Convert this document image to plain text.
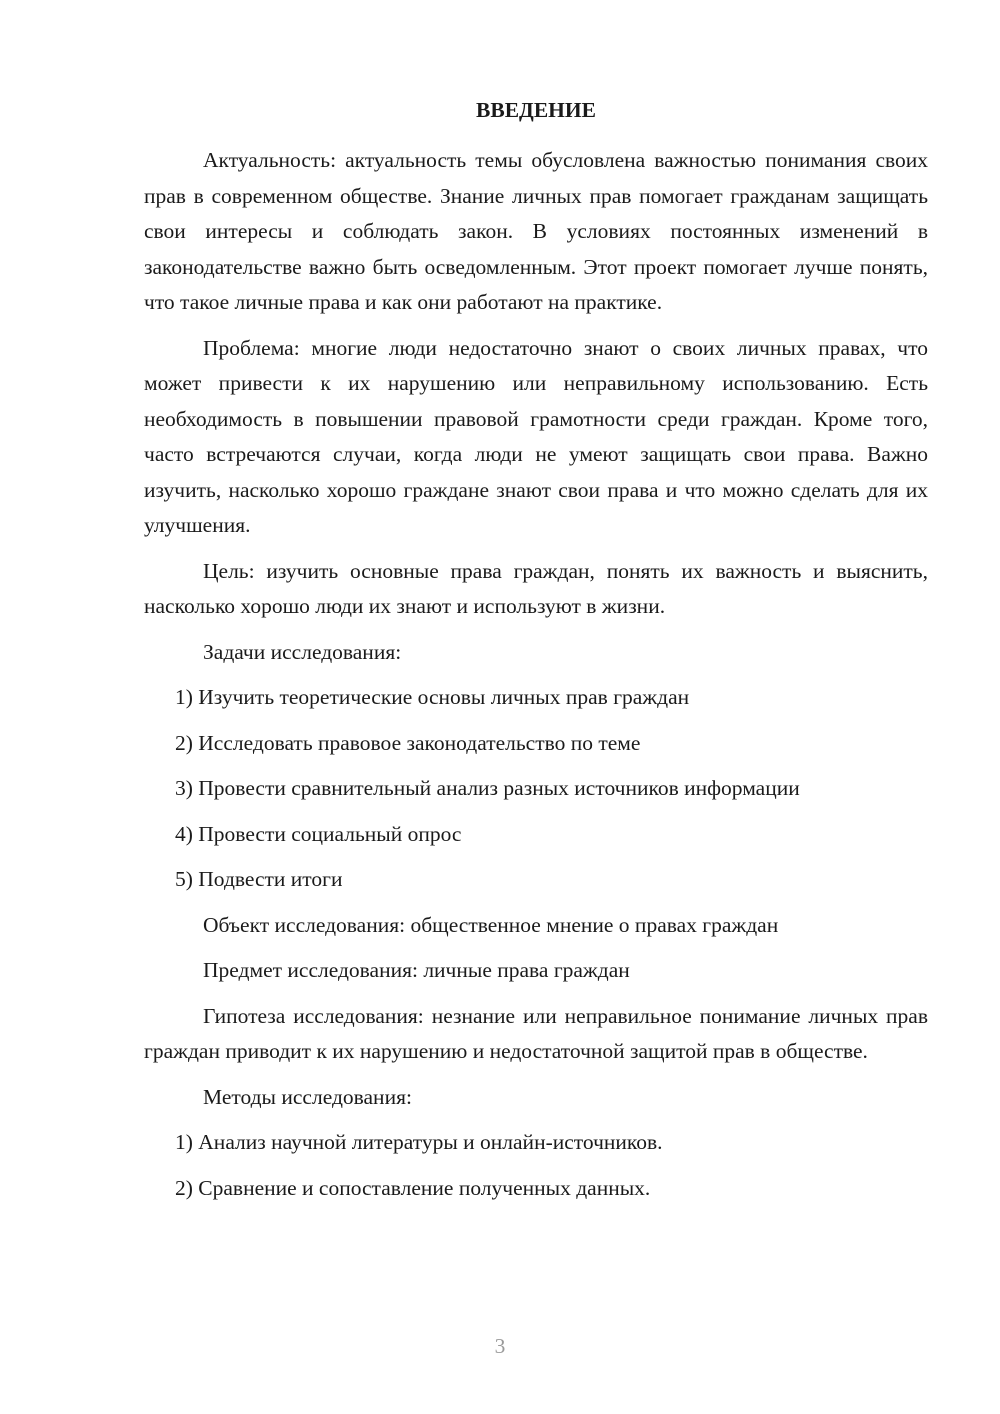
ВВЕДЕНИЕ

Актуальность: актуальность темы обусловлена важностью понимания своих прав в современном обществе. Знание личных прав помогает гражданам защищать свои интересы и соблюдать закон. В условиях постоянных изменений в законодательстве важно быть осведомленным. Этот проект помогает лучше понять, что такое личные права и как они работают на практике.

Проблема: многие люди недостаточно знают о своих личных правах, что может привести к их нарушению или неправильному использованию. Есть необходимость в повышении правовой грамотности среди граждан. Кроме того, часто встречаются случаи, когда люди не умеют защищать свои права. Важно изучить, насколько хорошо граждане знают свои права и что можно сделать для их улучшения.

Цель: изучить основные права граждан, понять их важность и выяснить, насколько хорошо люди их знают и используют в жизни.

Задачи исследования:
1) Изучить теоретические основы личных прав граждан
2) Исследовать правовое законодательство по теме
3) Провести сравнительный анализ разных источников информации
4) Провести социальный опрос
5) Подвести итоги
Объект исследования: общественное мнение о правах граждан
Предмет исследования: личные права граждан

Гипотеза исследования: незнание или неправильное понимание личных прав граждан приводит к их нарушению и недостаточной защитой прав в обществе.

Методы исследования:
1) Анализ научной литературы и онлайн-источников.
2) Сравнение и сопоставление полученных данных.
3
